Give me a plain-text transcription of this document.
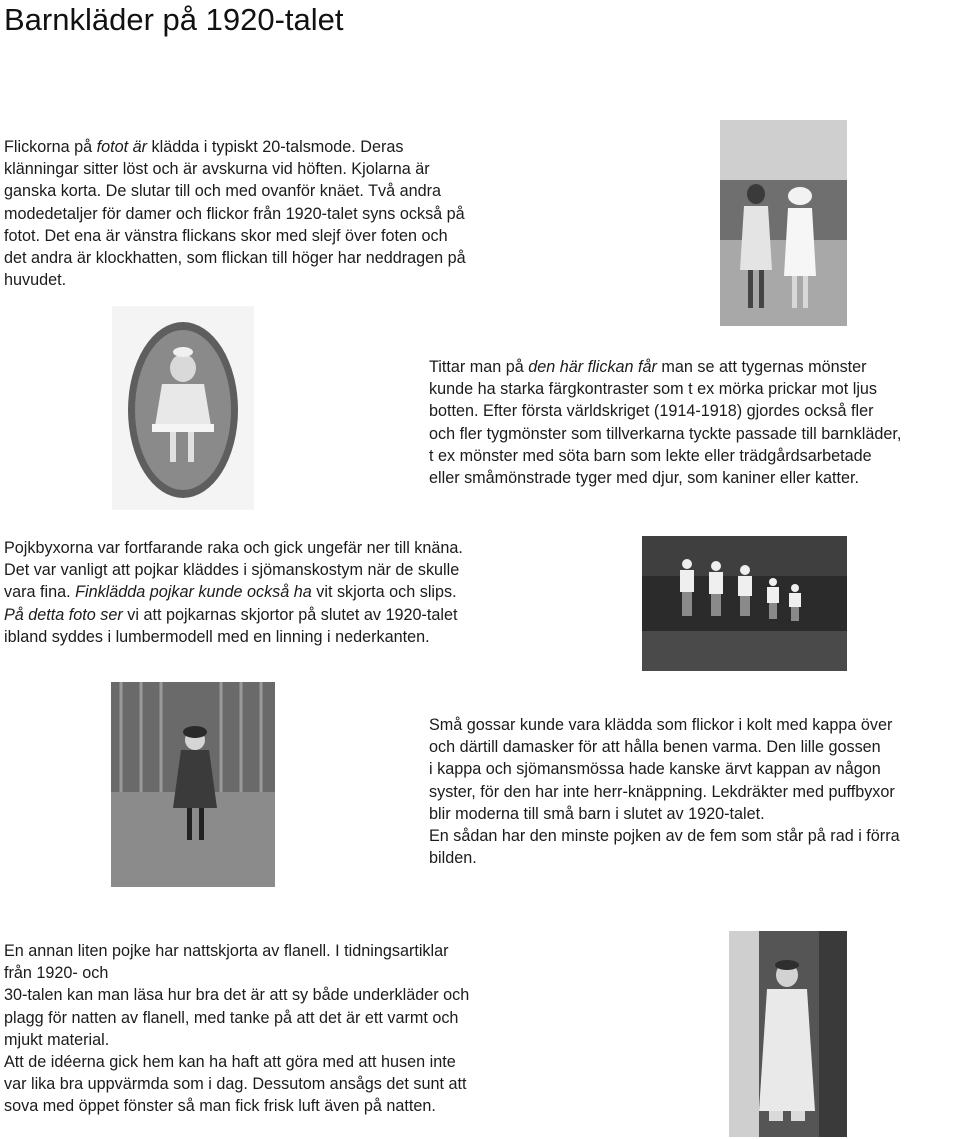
Barnkläder på 1920-talet
Flickorna på fotot är klädda i typiskt 20-talsmode. Deras
klänningar sitter löst och är avskurna vid höften. Kjolarna är
ganska korta. De slutar till och med ovanför knäet. Två andra
modedetaljer för damer och flickor från 1920-talet syns också på
fotot. Det ena är vänstra flickans skor med slejf över foten och
det andra är klockhatten, som flickan till höger har neddragen på
huvudet.
Tittar man på den här flickan får man se att tygernas mönster
kunde ha starka färgkontraster som t ex mörka prickar mot ljus
botten. Efter första världskriget (1914-1918) gjordes också fler
och fler tygmönster som tillverkarna tyckte passade till barnkläder,
t ex mönster med söta barn som lekte eller trädgårdsarbetade
eller småmönstrade tyger med djur, som kaniner eller katter.
Pojkbyxorna var fortfarande raka och gick ungefär ner till knäna.
Det var vanligt att pojkar kläddes i sjömanskostym när de skulle
vara fina. Finklädda pojkar kunde också ha vit skjorta och slips.
På detta foto ser vi att pojkarnas skjortor på slutet av 1920-talet
ibland syddes i lumbermodell med en linning i nederkanten.
Små gossar kunde vara klädda som flickor i kolt med kappa över
och därtill damasker för att hålla benen varma. Den lille gossen
i kappa och sjömansmössa hade kanske ärvt kappan av någon
syster, för den har inte herr-knäppning. Lekdräkter med puffbyxor
blir moderna till små barn i slutet av 1920-talet.
En sådan har den minste pojken av de fem som står på rad i förra
bilden.
En annan liten pojke har nattskjorta av flanell. I tidningsartiklar
från 1920- och
30-talen kan man läsa hur bra det är att sy både underkläder och
plagg för natten av flanell, med tanke på att det är ett varmt och
mjukt material.
Att de idéerna gick hem kan ha haft att göra med att husen inte
var lika bra uppvärmda som i dag. Dessutom ansågs det sunt att
sova med öppet fönster så man fick frisk luft även på natten.
